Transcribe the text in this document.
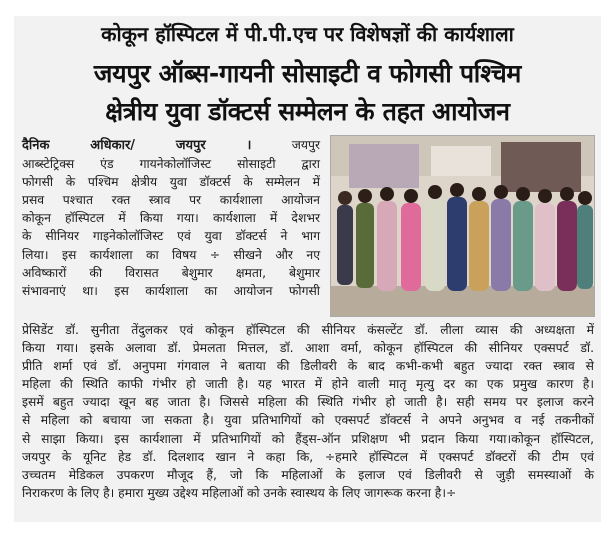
कोकून हॉस्पिटल में पी.पी.एच पर विशेषज्ञों की कार्यशाला
जयपुर ऑब्स-गायनी सोसाइटी व फोगसी पश्चिम
क्षेत्रीय युवा डॉक्टर्स सम्मेलन के तहत आयोजन
दैनिक अधिकार/ जयपुर ।	जयपुर
आब्स्टेट्रिक्स एंड गायनेकोलॉजिस्ट सोसाइटी द्वारा
फोगसी के पश्चिम क्षेत्रीय युवा डॉक्टर्स के सम्मेलन में
प्रसव पश्चात रक्त स्त्राव पर कार्यशाला आयोजन
कोकून हॉस्पिटल में किया गया। कार्यशाला में देशभर
के सीनियर गाइनेकोलॉजिस्ट एवं युवा डॉक्टर्स ने भाग
लिया। इस कार्यशाला का विषय ÷ सीखने और नए
अविष्कारों की विरासत बेशुमार क्षमता, बेशुमार
संभावनाएं था। इस कार्यशाला का आयोजन फोगसी
प्रेसिडेंट डॉ. सुनीता तेंदुलकर एवं कोकून हॉस्पिटल की सीनियर कंसल्टेंट डॉ. लीला व्यास की अध्यक्षता में
किया गया। इसके अलावा डॉ. प्रेमलता मित्तल, डॉ. आशा वर्मा, कोकून हॉस्पिटल की सीनियर एक्सपर्ट डॉ.
प्रीति शर्मा एवं डॉ. अनुपमा गंगवाल ने बताया की डिलीवरी के बाद कभी-कभी बहुत ज्यादा रक्त स्त्राव से
महिला की स्थिति काफी गंभीर हो जाती है। यह भारत में होने वाली मातृ मृत्यु दर का एक प्रमुख कारण है।
इसमें बहुत ज्यादा खून बह जाता है। जिससे महिला की स्थिति गंभीर हो जाती है। सही समय पर इलाज करने
से महिला को बचाया जा सकता है। युवा प्रतिभागियों को एक्सपर्ट डॉक्टर्स ने अपने अनुभव व नई तकनीकों
से साझा किया। इस कार्यशाला में प्रतिभागियों को हैंड्स-ऑन प्रशिक्षण भी प्रदान किया गया।कोकून हॉस्पिटल,
जयपुर के यूनिट हेड डॉ. दिलशाद खान ने कहा कि, ÷हमारे हॉस्पिटल में एक्सपर्ट डॉक्टरों की टीम एवं
उच्चतम मेडिकल उपकरण मौजूद हैं, जो कि महिलाओं के इलाज एवं डिलीवरी से जुड़ी समस्याओं के
निराकरण के लिए है। हमारा मुख्य उद्देश्य महिलाओं को उनके स्वास्थय के लिए जागरूक करना है।÷
